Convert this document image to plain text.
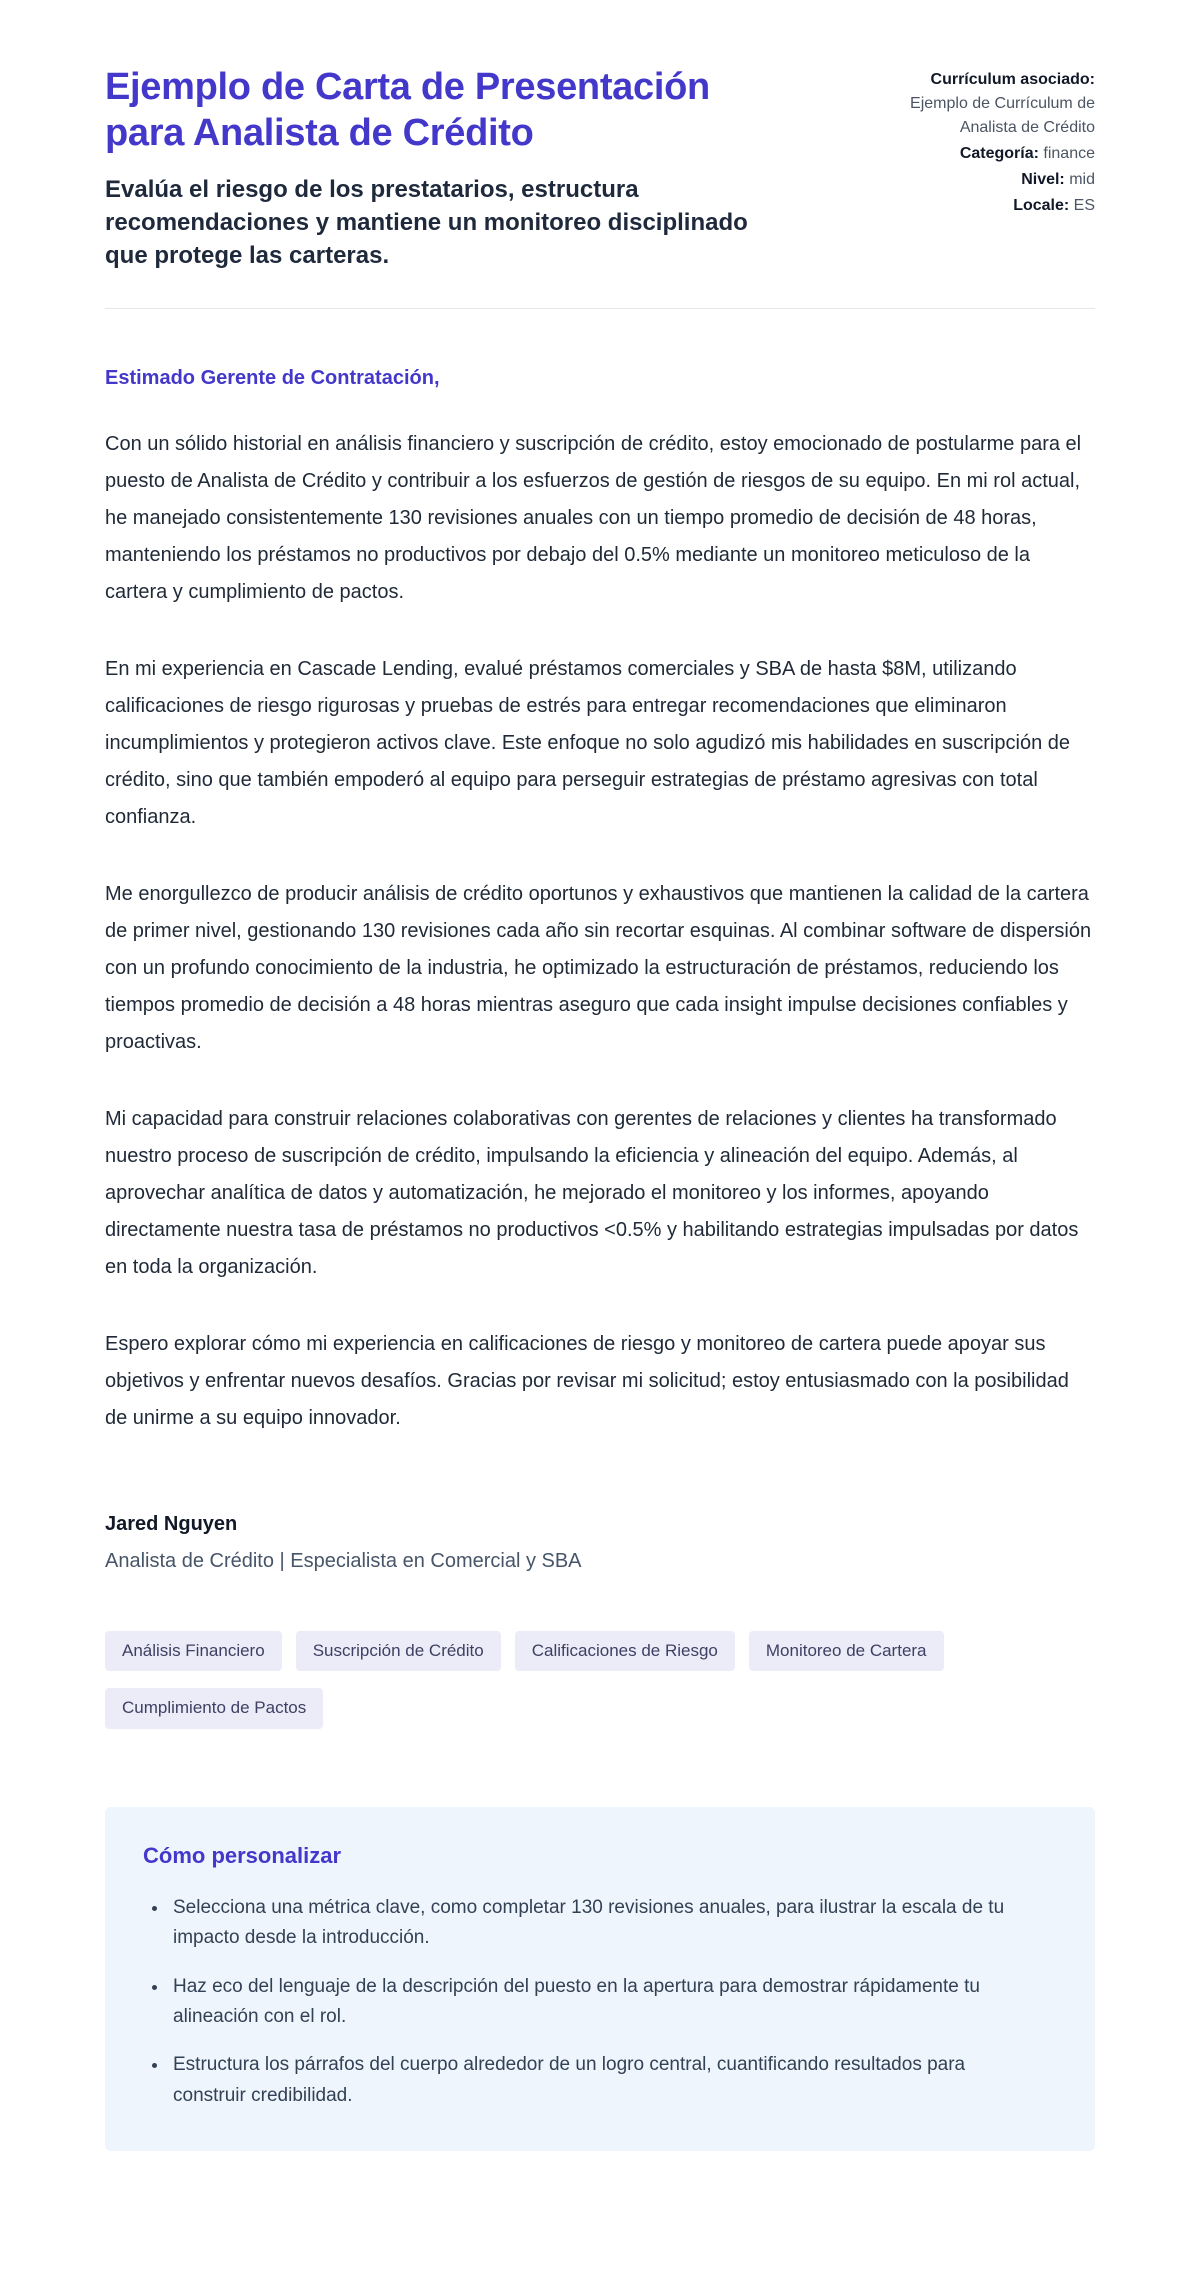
Ejemplo de Carta de Presentación para Analista de Crédito
Evalúa el riesgo de los prestatarios, estructura recomendaciones y mantiene un monitoreo disciplinado que protege las carteras.
Currículum asociado:
Ejemplo de Currículum de Analista de Crédito
Categoría: finance
Nivel: mid
Locale: ES

Estimado Gerente de Contratación,

Con un sólido historial en análisis financiero y suscripción de crédito, estoy emocionado de postularme para el puesto de Analista de Crédito y contribuir a los esfuerzos de gestión de riesgos de su equipo. En mi rol actual, he manejado consistentemente 130 revisiones anuales con un tiempo promedio de decisión de 48 horas, manteniendo los préstamos no productivos por debajo del 0.5% mediante un monitoreo meticuloso de la cartera y cumplimiento de pactos.

En mi experiencia en Cascade Lending, evalué préstamos comerciales y SBA de hasta $8M, utilizando calificaciones de riesgo rigurosas y pruebas de estrés para entregar recomendaciones que eliminaron incumplimientos y protegieron activos clave. Este enfoque no solo agudizó mis habilidades en suscripción de crédito, sino que también empoderó al equipo para perseguir estrategias de préstamo agresivas con total confianza.

Me enorgullezco de producir análisis de crédito oportunos y exhaustivos que mantienen la calidad de la cartera de primer nivel, gestionando 130 revisiones cada año sin recortar esquinas. Al combinar software de dispersión con un profundo conocimiento de la industria, he optimizado la estructuración de préstamos, reduciendo los tiempos promedio de decisión a 48 horas mientras aseguro que cada insight impulse decisiones confiables y proactivas.

Mi capacidad para construir relaciones colaborativas con gerentes de relaciones y clientes ha transformado nuestro proceso de suscripción de crédito, impulsando la eficiencia y alineación del equipo. Además, al aprovechar analítica de datos y automatización, he mejorado el monitoreo y los informes, apoyando directamente nuestra tasa de préstamos no productivos <0.5% y habilitando estrategias impulsadas por datos en toda la organización.

Espero explorar cómo mi experiencia en calificaciones de riesgo y monitoreo de cartera puede apoyar sus objetivos y enfrentar nuevos desafíos. Gracias por revisar mi solicitud; estoy entusiasmado con la posibilidad de unirme a su equipo innovador.

Jared Nguyen

Analista de Crédito | Especialista en Comercial y SBA

Análisis Financiero	Suscripción de Crédito	Calificaciones de Riesgo	Monitoreo de Cartera
Cumplimiento de Pactos
Cómo personalizar
• Selecciona una métrica clave, como completar 130 revisiones anuales, para ilustrar la escala de tu impacto desde la introducción.
• Haz eco del lenguaje de la descripción del puesto en la apertura para demostrar rápidamente tu alineación con el rol.
• Estructura los párrafos del cuerpo alrededor de un logro central, cuantificando resultados para construir credibilidad.
